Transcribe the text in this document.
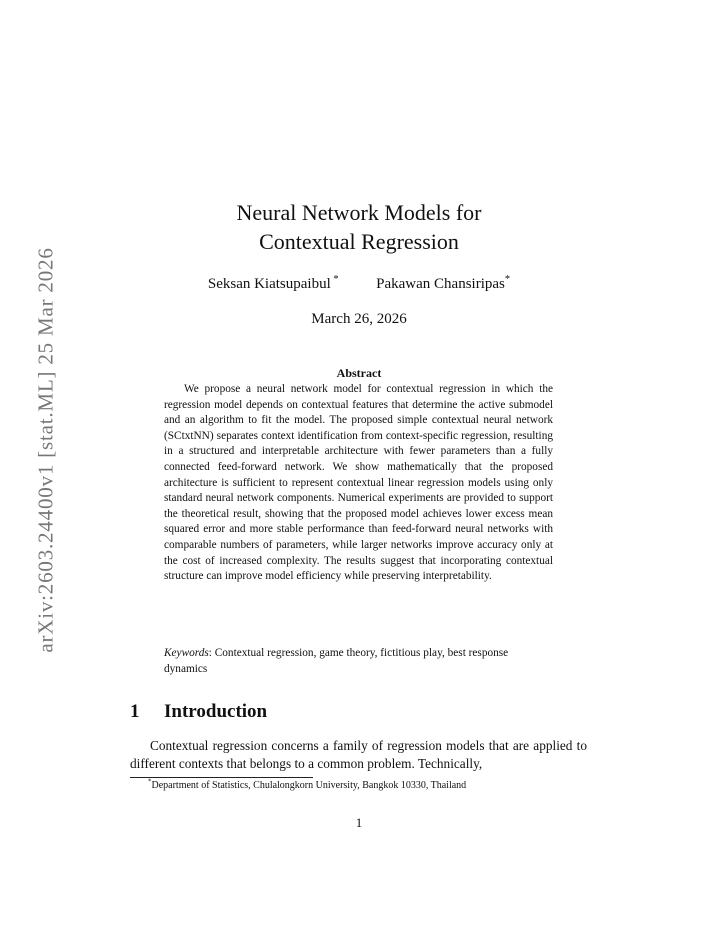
arXiv:2603.24400v1 [stat.ML] 25 Mar 2026
Neural Network Models for
Contextual Regression
Seksan Kiatsupaibul *	Pakawan Chansiripas*
March 26, 2026
Abstract

We propose a neural network model for contextual regression in which the regression model depends on contextual features that determine the active submodel and an algorithm to fit the model. The proposed simple contextual neural network (SCtxtNN) separates context identification from context-specific regression, resulting in a structured and interpretable architecture with fewer parameters than a fully connected feed-forward network. We show mathematically that the proposed architecture is sufficient to represent contextual linear regression models using only standard neural network components. Numerical experiments are provided to support the theoretical result, showing that the proposed model achieves lower excess mean squared error and more stable performance than feed-forward neural networks with comparable numbers of parameters, while larger networks improve accuracy only at the cost of increased complexity. The results suggest that incorporating contextual structure can improve model efficiency while preserving interpretability.

Keywords: Contextual regression, game theory, fictitious play, best response dynamics

1 Introduction

Contextual regression concerns a family of regression models that are applied to different contexts that belongs to a common problem. Technically,

*Department of Statistics, Chulalongkorn University, Bangkok 10330, Thailand
1
